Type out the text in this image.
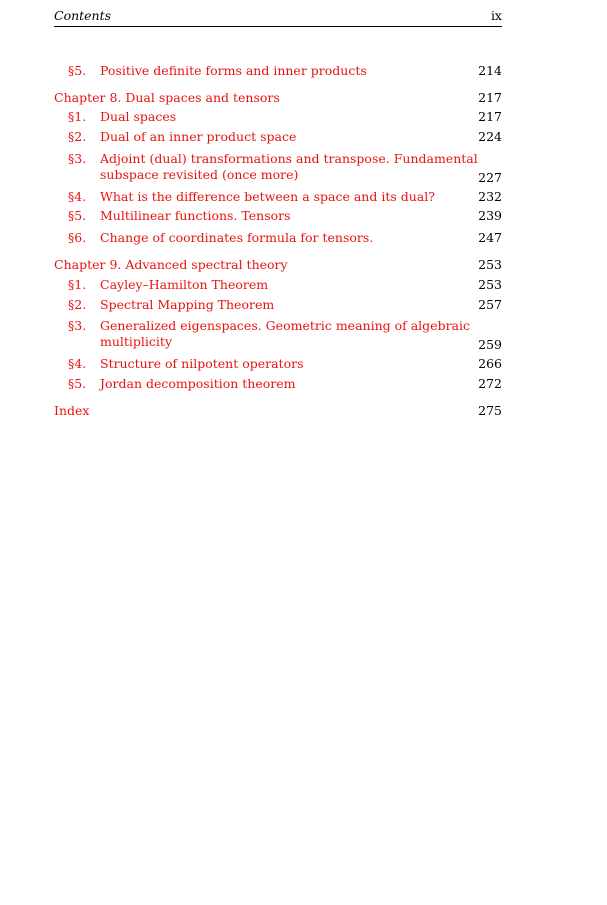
Contents	ix
§5. Positive definite forms and inner products	214
Chapter 8. Dual spaces and tensors	217
§1. Dual spaces	217
§2. Dual of an inner product space	224
§3. Adjoint (dual) transformations and transpose. Fundamental
subspace revisited (once more)	227
§4. What is the difference between a space and its dual?	232
§5. Multilinear functions. Tensors	239
§6. Change of coordinates formula for tensors.	247
Chapter 9. Advanced spectral theory	253
§1. Cayley–Hamilton Theorem	253
§2. Spectral Mapping Theorem	257
§3. Generalized eigenspaces. Geometric meaning of algebraic
multiplicity	259
§4. Structure of nilpotent operators	266
§5. Jordan decomposition theorem	272
Index	275
